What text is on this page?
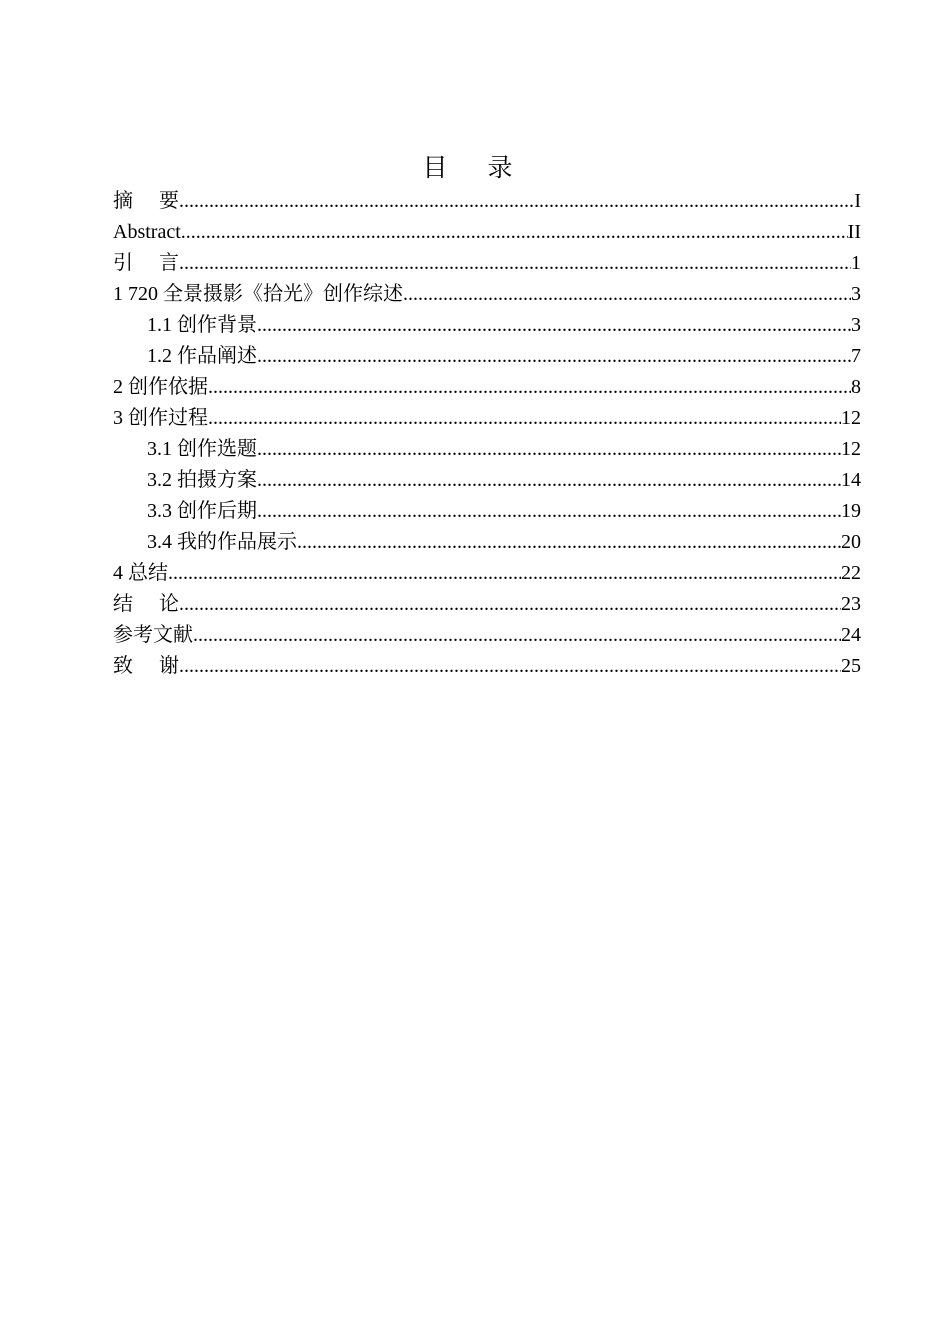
目录
摘 要 .....	I
Abstract .....	II
引 言 .....	1
1 720 全景摄影《拾光》创作综述 .....	3
1.1 创作背景 .....	3
1.2 作品阐述 .....	7
2 创作依据 .....	8
3 创作过程 .....	12
3.1 创作选题 .....	12
3.2 拍摄方案 .....	14
3.3 创作后期 .....	19
3.4 我的作品展示 .....	20
4 总结 .....	22
结 论 .....	23
参考文献 .....	24
致 谢 .....	25
